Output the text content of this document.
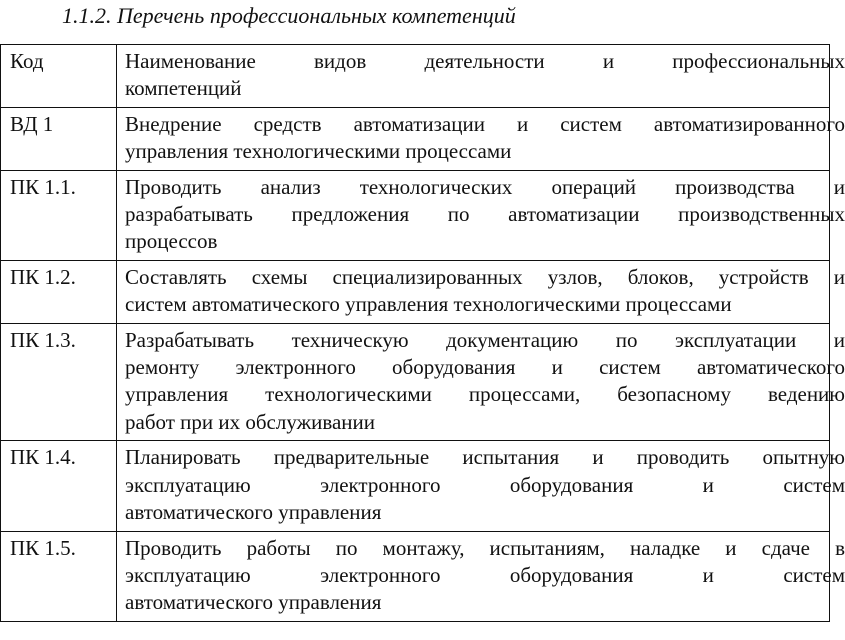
1.1.2. Перечень профессиональных компетенций
Код	Наименование видов деятельности и профессиональных
компетенций

ВД 1	Внедрение средств автоматизации и систем автоматизированного
управления технологическими процессами

ПК 1.1.	Проводить анализ технологических операций производства и
разрабатывать предложения по автоматизации производственных
процессов

ПК 1.2.	Составлять схемы специализированных узлов, блоков, устройств и
систем автоматического управления технологическими процессами

ПК 1.3.	Разрабатывать техническую документацию по эксплуатации и
ремонту электронного оборудования и систем автоматического
управления технологическими процессами, безопасному ведению
работ при их обслуживании

ПК 1.4.	Планировать предварительные испытания и проводить опытную
эксплуатацию электронного оборудования и систем
автоматического управления

ПК 1.5.	Проводить работы по монтажу, испытаниям, наладке и сдаче в
эксплуатацию электронного оборудования и систем
автоматического управления
